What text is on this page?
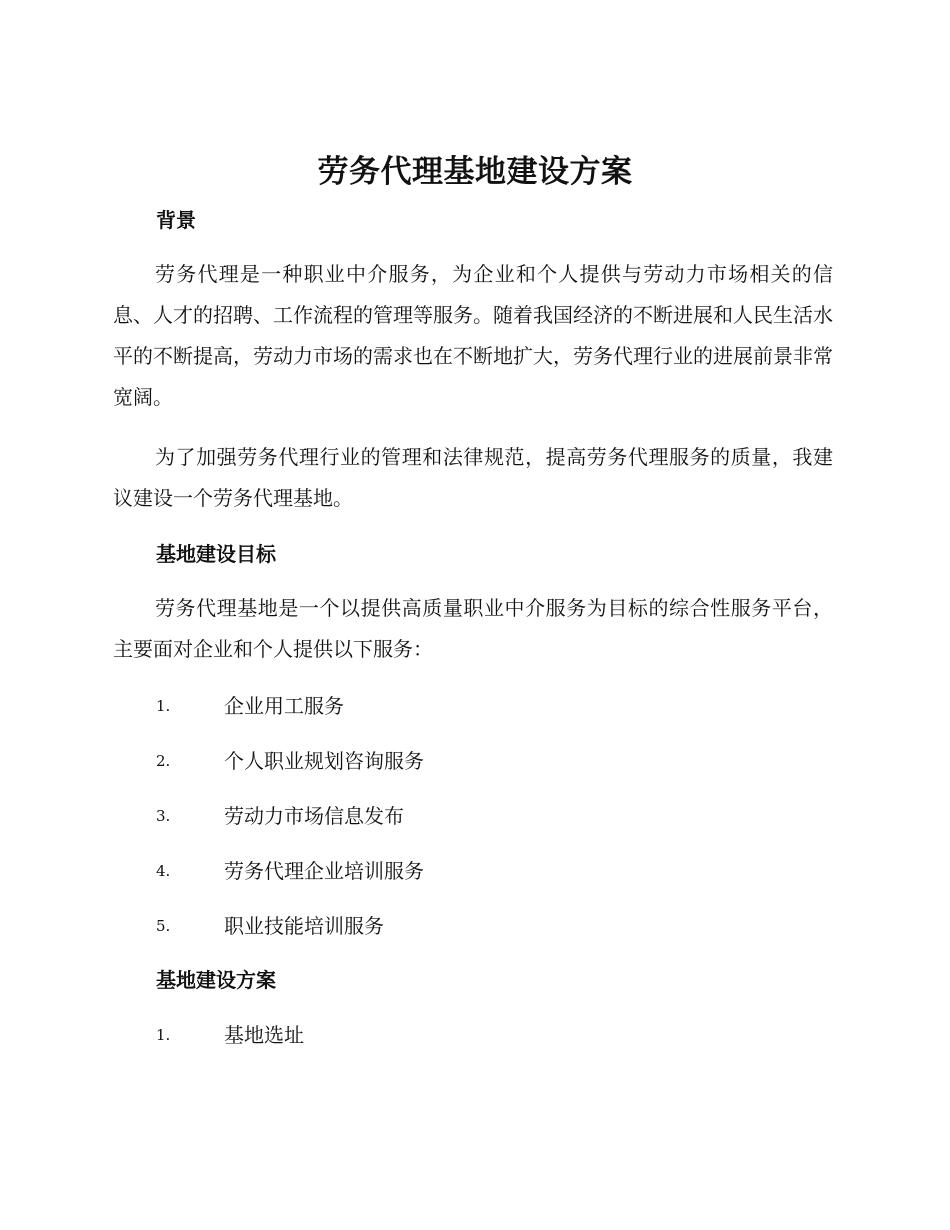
劳务代理基地建设方案
背景

劳务代理是一种职业中介服务，为企业和个人提供与劳动力市场相关的信息、人才的招聘、工作流程的管理等服务。随着我国经济的不断进展和人民生活水平的不断提高，劳动力市场的需求也在不断地扩大，劳务代理行业的进展前景非常宽阔。

为了加强劳务代理行业的管理和法律规范，提高劳务代理服务的质量，我建议建设一个劳务代理基地。

基地建设目标

劳务代理基地是一个以提供高质量职业中介服务为目标的综合性服务平台，主要面对企业和个人提供以下服务：

1.	企业用工服务
2.	个人职业规划咨询服务
3.	劳动力市场信息发布
4.	劳务代理企业培训服务
5.	职业技能培训服务
基地建设方案
1.	基地选址
